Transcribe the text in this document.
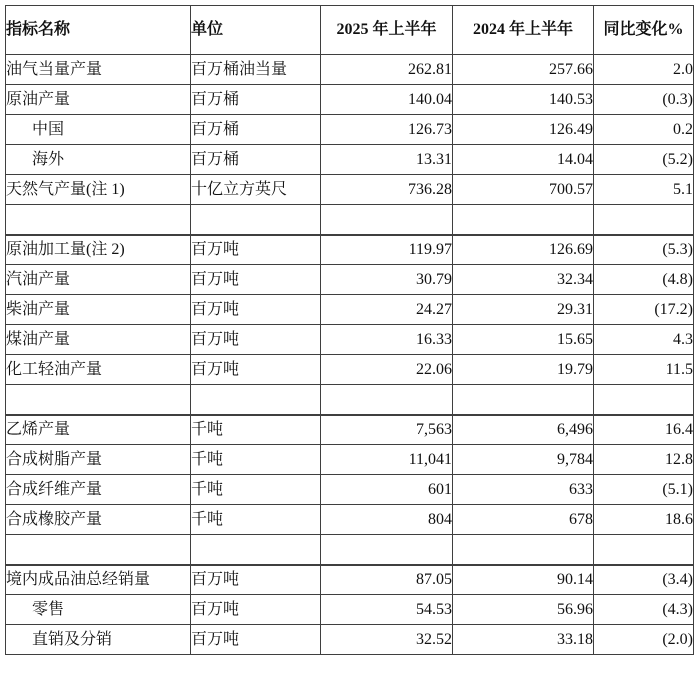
指标名称	单位	2025 年上半年	2024 年上半年	同比变化%
油气当量产量	百万桶油当量	262.81	257.66	2.0
原油产量	百万桶	140.04	140.53	(0.3)
中国	百万桶	126.73	126.49	0.2
海外	百万桶	13.31	14.04	(5.2)
天然气产量(注 1)	十亿立方英尺	736.28	700.57	5.1

原油加工量(注 2)	百万吨	119.97	126.69	(5.3)
汽油产量	百万吨	30.79	32.34	(4.8)
柴油产量	百万吨	24.27	29.31	(17.2)
煤油产量	百万吨	16.33	15.65	4.3
化工轻油产量	百万吨	22.06	19.79	11.5

乙烯产量	千吨	7,563	6,496	16.4
合成树脂产量	千吨	11,041	9,784	12.8
合成纤维产量	千吨	601	633	(5.1)
合成橡胶产量	千吨	804	678	18.6

境内成品油总经销量	百万吨	87.05	90.14	(3.4)
零售	百万吨	54.53	56.96	(4.3)
直销及分销	百万吨	32.52	33.18	(2.0)
